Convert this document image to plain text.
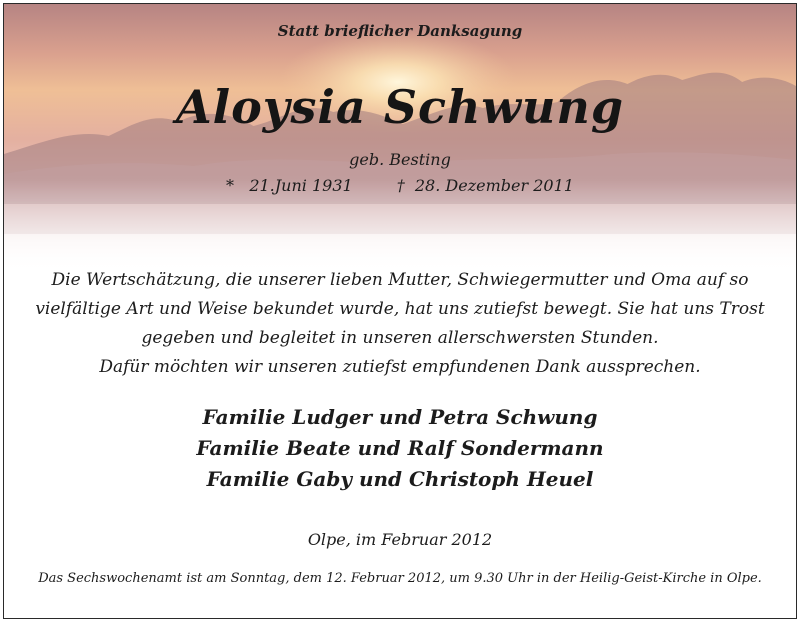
Statt brieflicher Danksagung
Aloysia Schwung
geb. Besting
* 21.Juni 1931	† 28. Dezember 2011
Die Wertschätzung, die unserer lieben Mutter, Schwiegermutter und Oma auf so
vielfältige Art und Weise bekundet wurde, hat uns zutiefst bewegt. Sie hat uns Trost
gegeben und begleitet in unseren allerschwersten Stunden.
Dafür möchten wir unseren zutiefst empfundenen Dank aussprechen.
Familie Ludger und Petra Schwung
Familie Beate und Ralf Sondermann
Familie Gaby und Christoph Heuel
Olpe, im Februar 2012
Das Sechswochenamt ist am Sonntag, dem 12. Februar 2012, um 9.30 Uhr in der Heilig-Geist-Kirche in Olpe.
